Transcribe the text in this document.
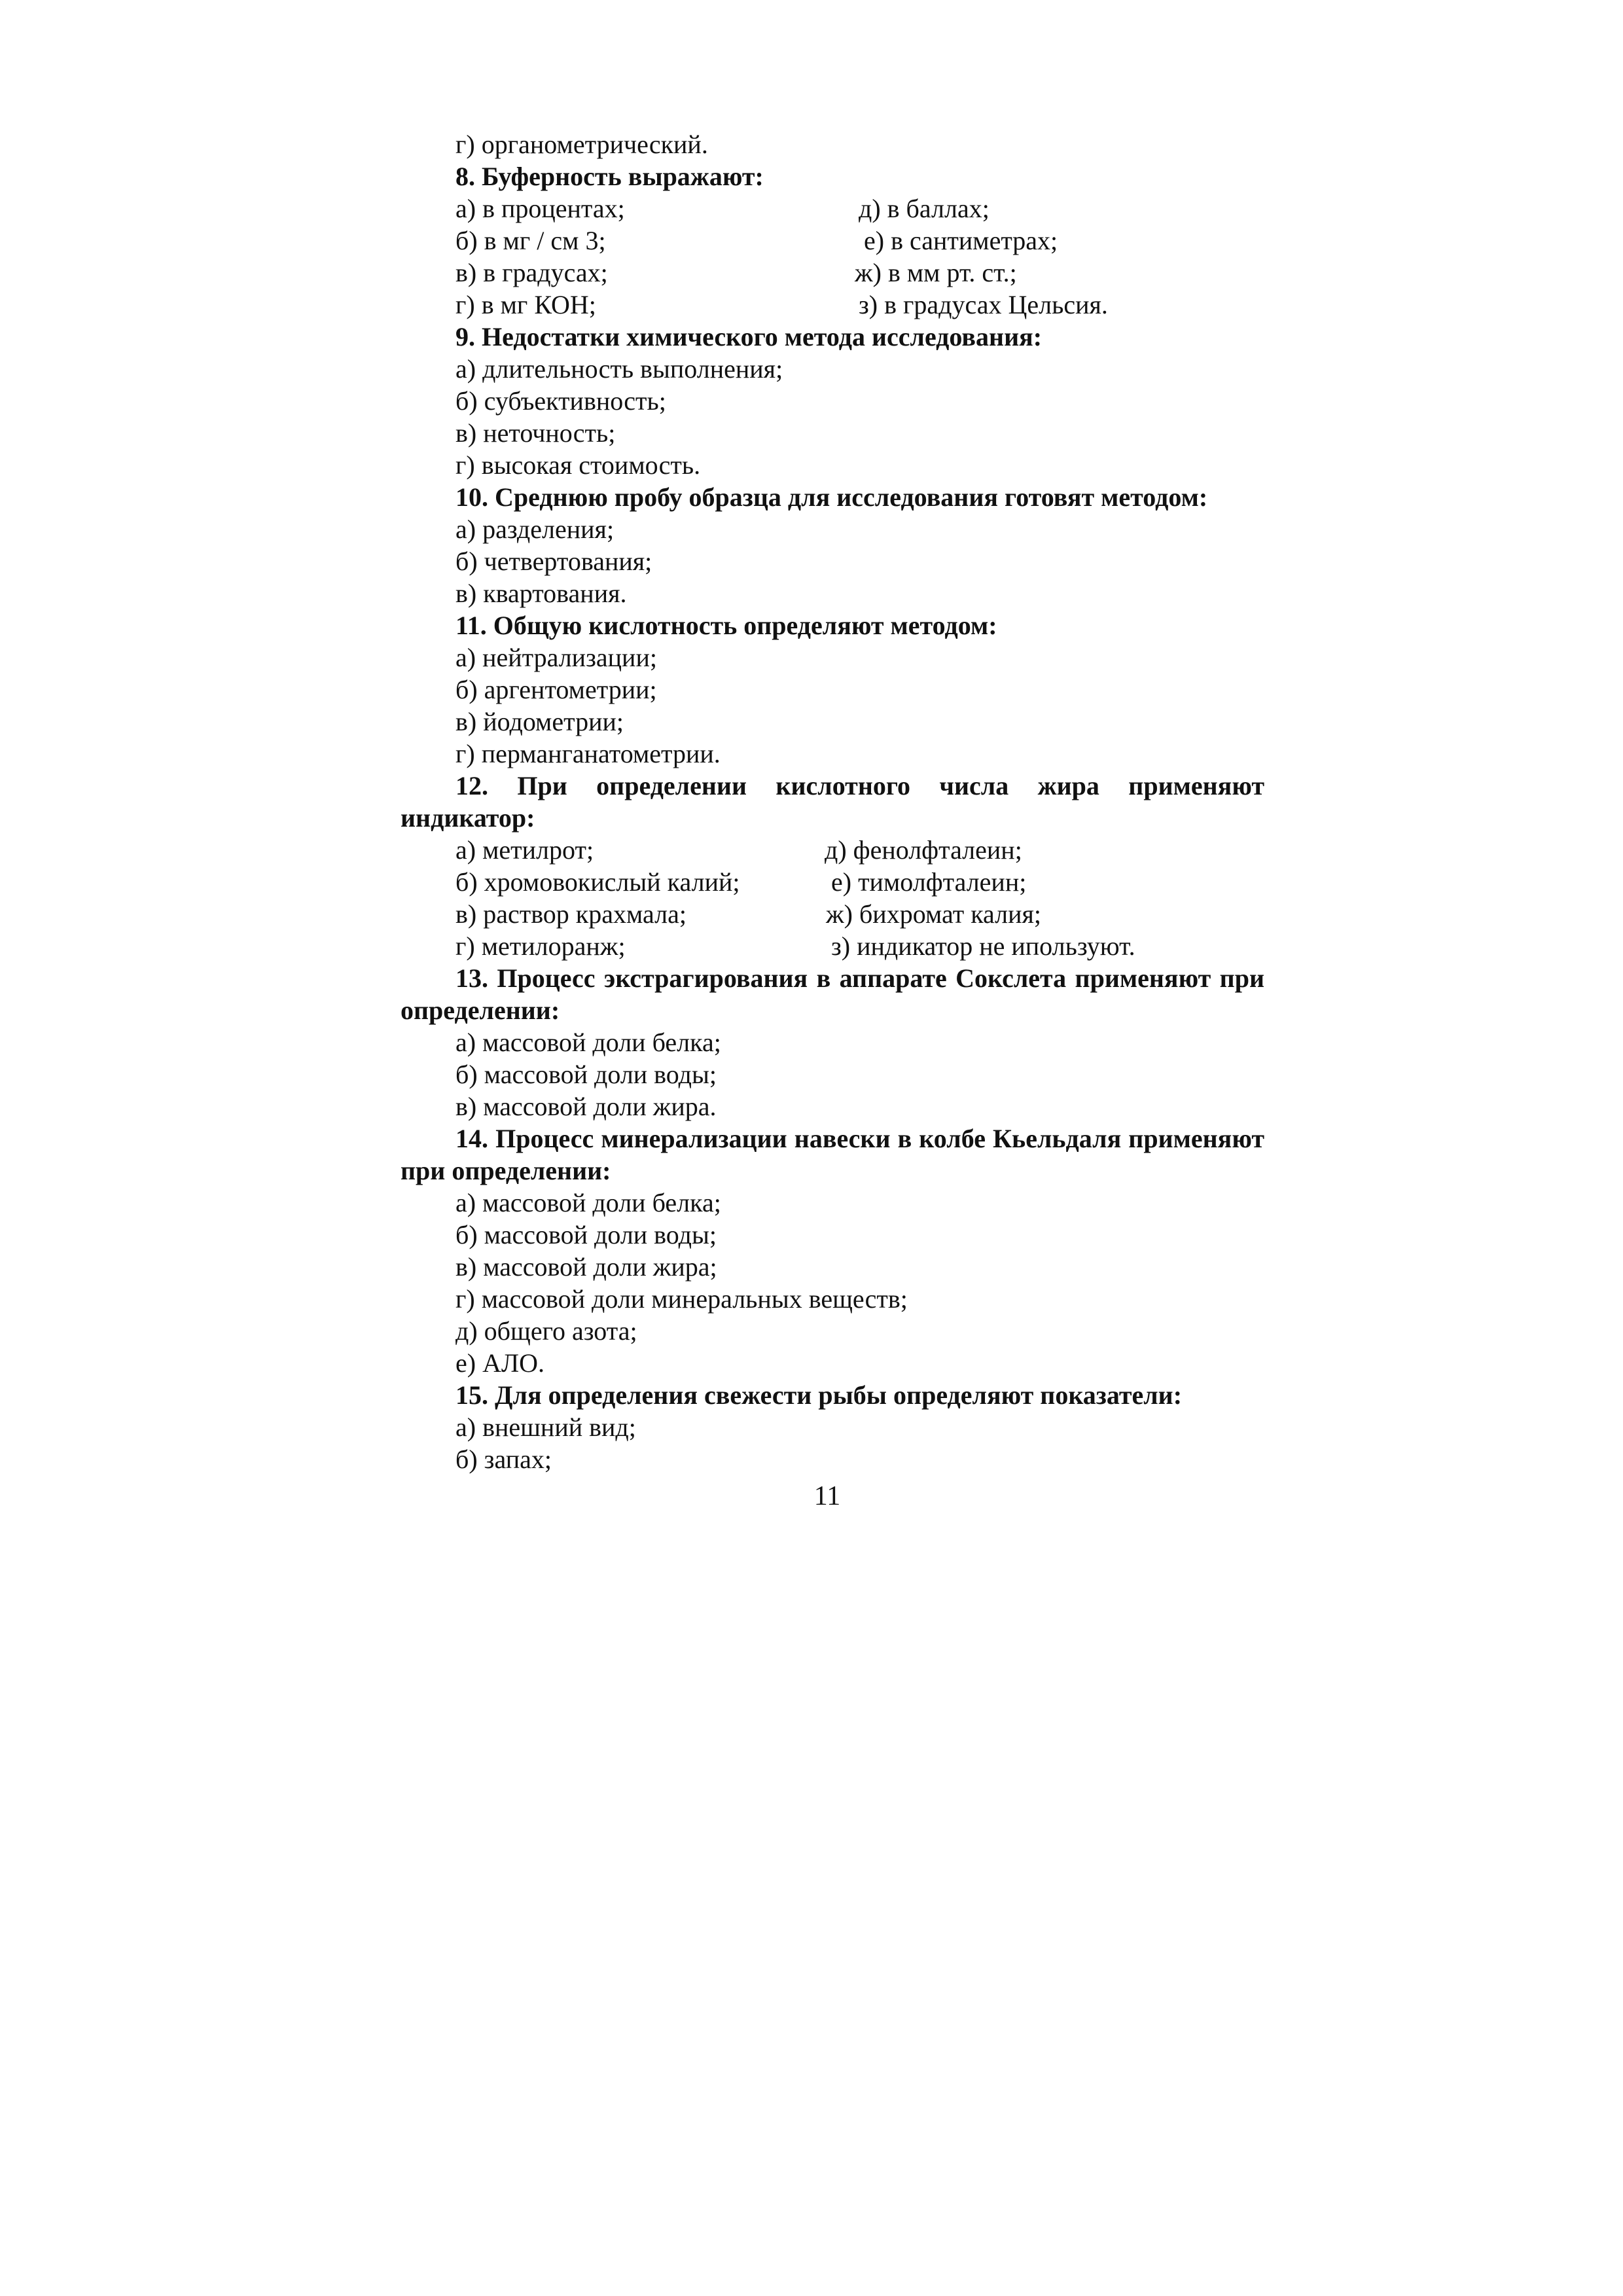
г) органометрический.

8. Буферность выражают:

а) в процентах;	д) в баллах;
б) в мг / см 3;	е) в сантиметрах;
в) в градусах;	ж) в мм рт. ст.;
г) в мг КОН;	з) в градусах Цельсия.

9. Недостатки химического метода исследования:

а) длительность выполнения;

б) субъективность;

в) неточность;

г) высокая стоимость.

10. Среднюю пробу образца для исследования готовят методом:

а) разделения;

б) четвертования;

в) квартования.

11. Общую кислотность определяют методом:

а) нейтрализации;

б) аргентометрии;

в) йодометрии;

г) перманганатометрии.

12. При определении кислотного числа жира применяют индикатор:

а) метилрот;	д) фенолфталеин;
б) хромовокислый калий;	е) тимолфталеин;
в) раствор крахмала;	ж) бихромат калия;
г) метилоранж;	з) индикатор не ипользуют.

13. Процесс экстрагирования в аппарате Сокслета применяют при определении:

а) массовой доли белка;

б) массовой доли воды;

в) массовой доли жира.

14. Процесс минерализации навески в колбе Кьельдаля применяют при определении:

а) массовой доли белка;

б) массовой доли воды;

в) массовой доли жира;

г) массовой доли минеральных веществ;

д) общего азота;

е) АЛО.

15. Для определения свежести рыбы определяют показатели:

а) внешний вид;

б) запах;

11
